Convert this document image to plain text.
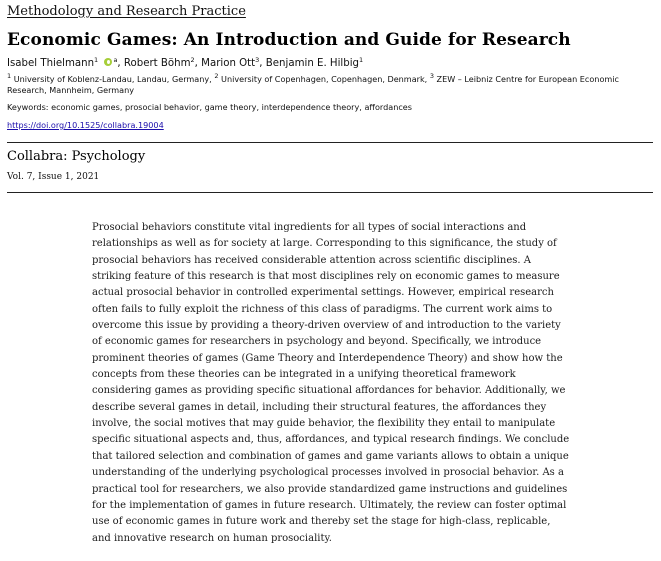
Methodology and Research Practice
Economic Games: An Introduction and Guide for Research
Isabel Thielmann$^1$ $^a$, Robert Böhm$^2$, Marion Ott$^3$, Benjamin E. Hilbig$^1$
$^1$ University of Koblenz-Landau, Landau, Germany, $^2$ University of Copenhagen, Copenhagen, Denmark, $^3$ ZEW – Leibniz Centre for European Economic Research, Mannheim, Germany
Keywords: economic games, prosocial behavior, game theory, interdependence theory, affordances
https://doi.org/10.1525/collabra.19004
Collabra: Psychology
Vol. 7, Issue 1, 2021

Prosocial behaviors constitute vital ingredients for all types of social interactions and relationships as well as for society at large. Corresponding to this significance, the study of prosocial behaviors has received considerable attention across scientific disciplines. A striking feature of this research is that most disciplines rely on economic games to measure actual prosocial behavior in controlled experimental settings. However, empirical research often fails to fully exploit the richness of this class of paradigms. The current work aims to overcome this issue by providing a theory-driven overview of and introduction to the variety of economic games for researchers in psychology and beyond. Specifically, we introduce prominent theories of games (Game Theory and Interdependence Theory) and show how the concepts from these theories can be integrated in a unifying theoretical framework considering games as providing specific situational affordances for behavior. Additionally, we describe several games in detail, including their structural features, the affordances they involve, the social motives that may guide behavior, the flexibility they entail to manipulate specific situational aspects and, thus, affordances, and typical research findings. We conclude that tailored selection and combination of games and game variants allows to obtain a unique understanding of the underlying psychological processes involved in prosocial behavior. As a practical tool for researchers, we also provide standardized game instructions and guidelines for the implementation of games in future research. Ultimately, the review can foster optimal use of economic games in future work and thereby set the stage for high-class, replicable, and innovative research on human prosociality.
